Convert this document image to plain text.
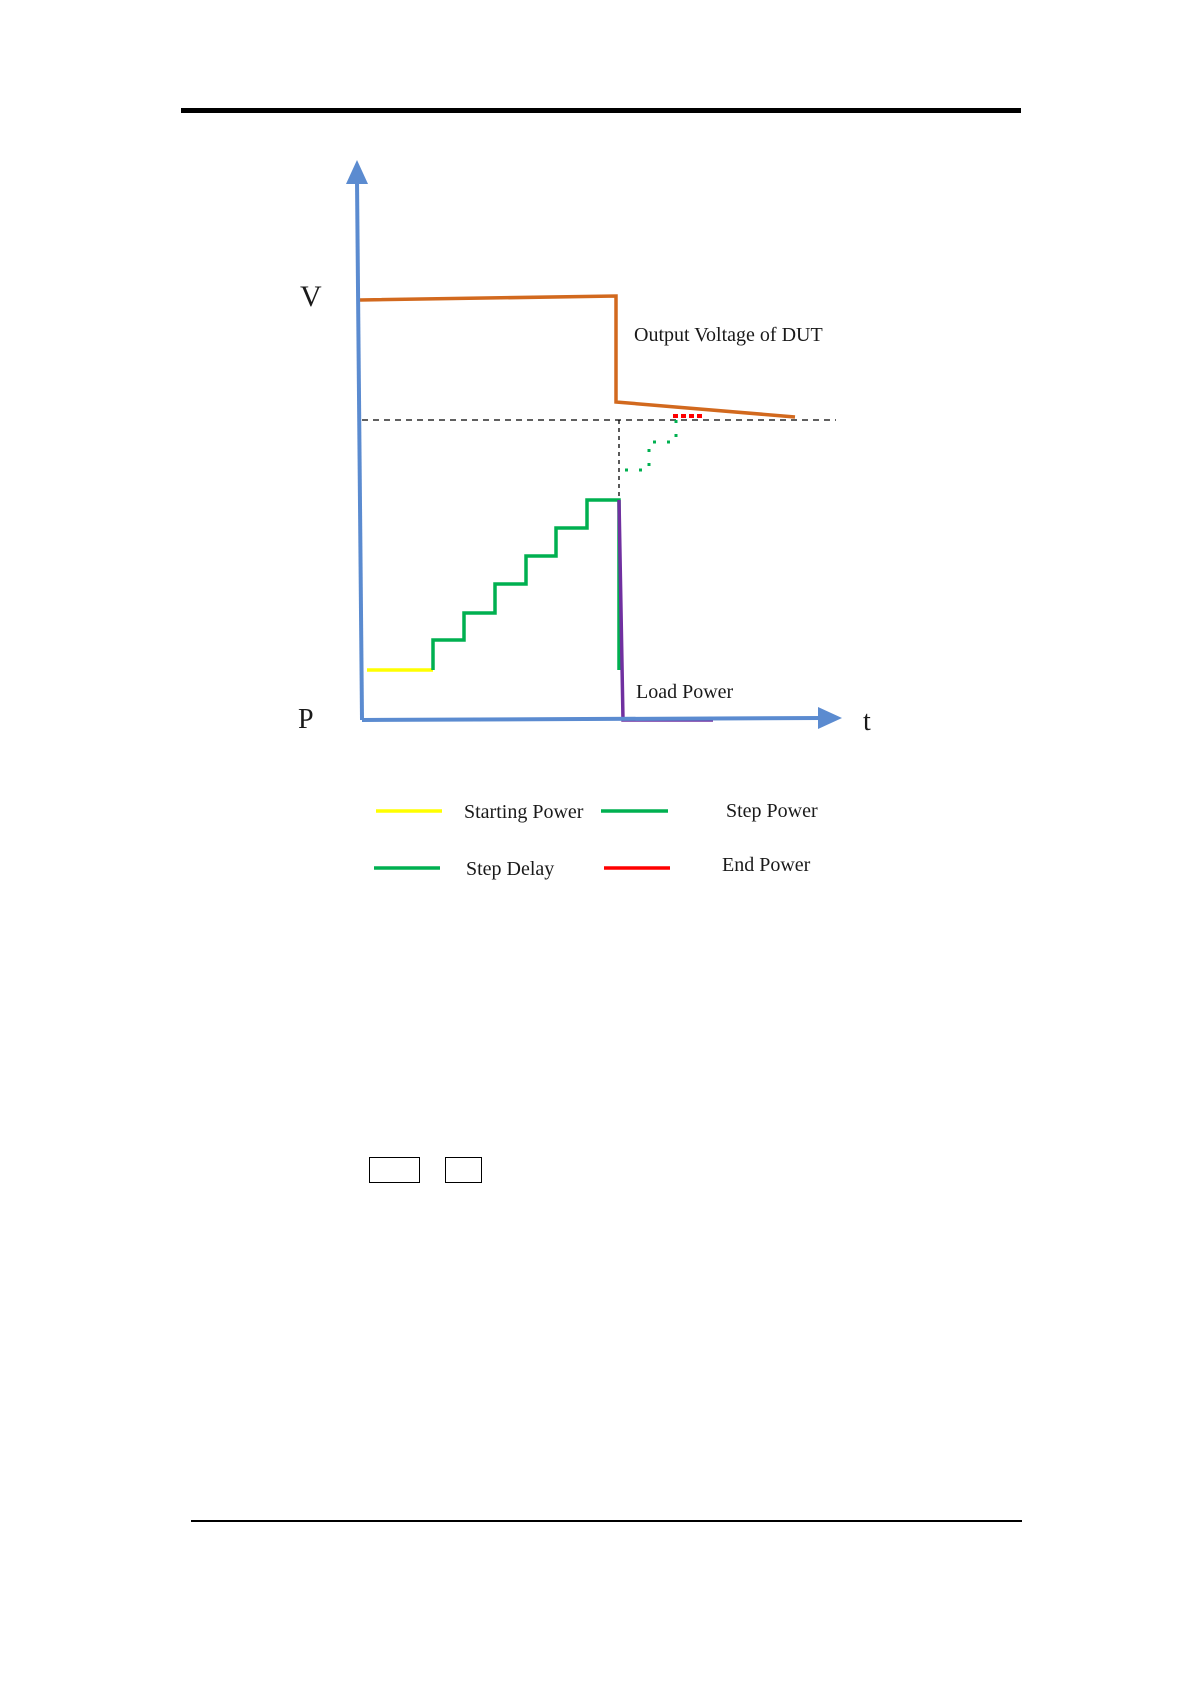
V
P	t
Output Voltage of DUT
Load Power
Starting Power	Step Power
Step Delay	End Power
